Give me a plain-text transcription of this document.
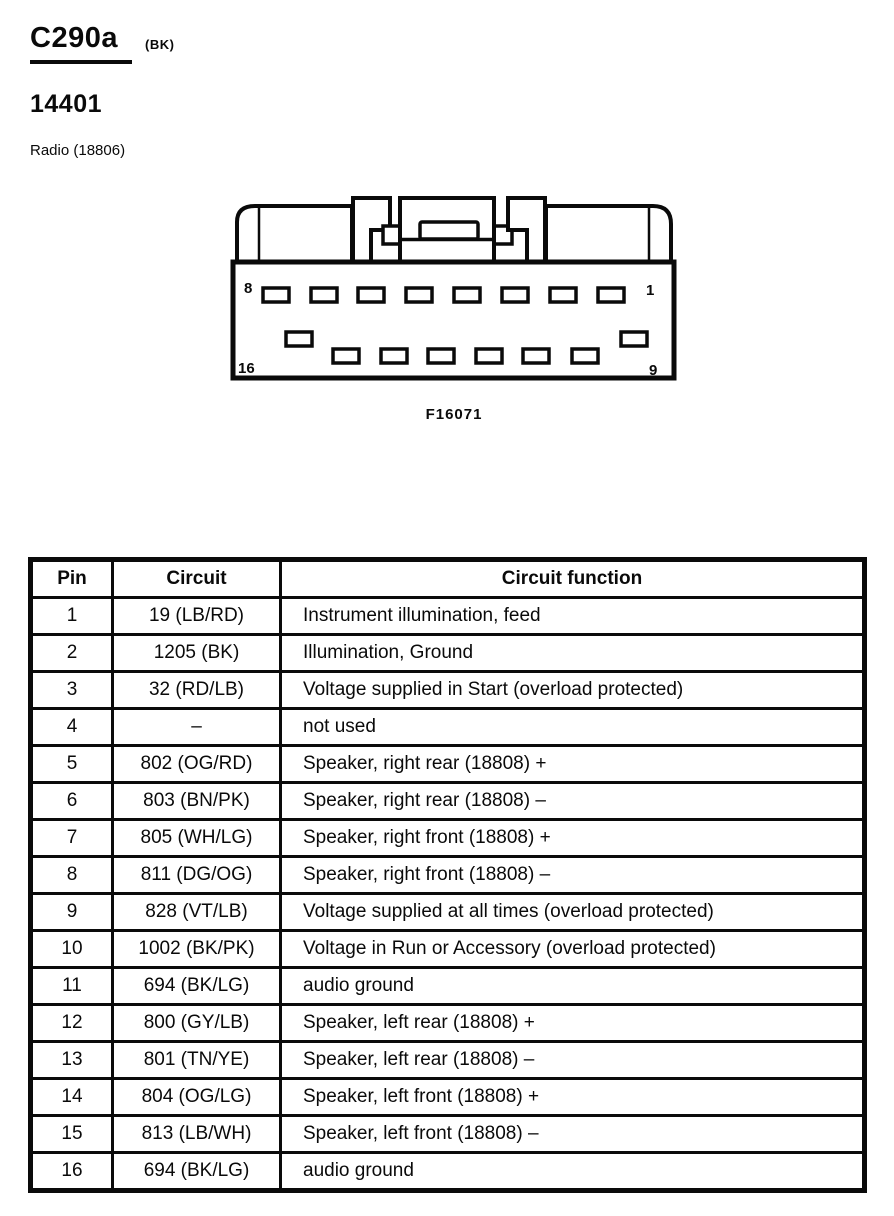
C290a	(BK)
14401
Radio (18806)
8	1
16	9
F16071
Pin	Circuit	Circuit function
1	19 (LB/RD)	Instrument illumination, feed
2	1205 (BK)	Illumination, Ground
3	32 (RD/LB)	Voltage supplied in Start (overload protected)
4	–	not used
5	802 (OG/RD)	Speaker, right rear (18808) +
6	803 (BN/PK)	Speaker, right rear (18808) –
7	805 (WH/LG)	Speaker, right front (18808) +
8	811 (DG/OG)	Speaker, right front (18808) –
9	828 (VT/LB)	Voltage supplied at all times (overload protected)
10	1002 (BK/PK)	Voltage in Run or Accessory (overload protected)
11	694 (BK/LG)	audio ground
12	800 (GY/LB)	Speaker, left rear (18808) +
13	801 (TN/YE)	Speaker, left rear (18808) –
14	804 (OG/LG)	Speaker, left front (18808) +
15	813 (LB/WH)	Speaker, left front (18808) –
16	694 (BK/LG)	audio ground
